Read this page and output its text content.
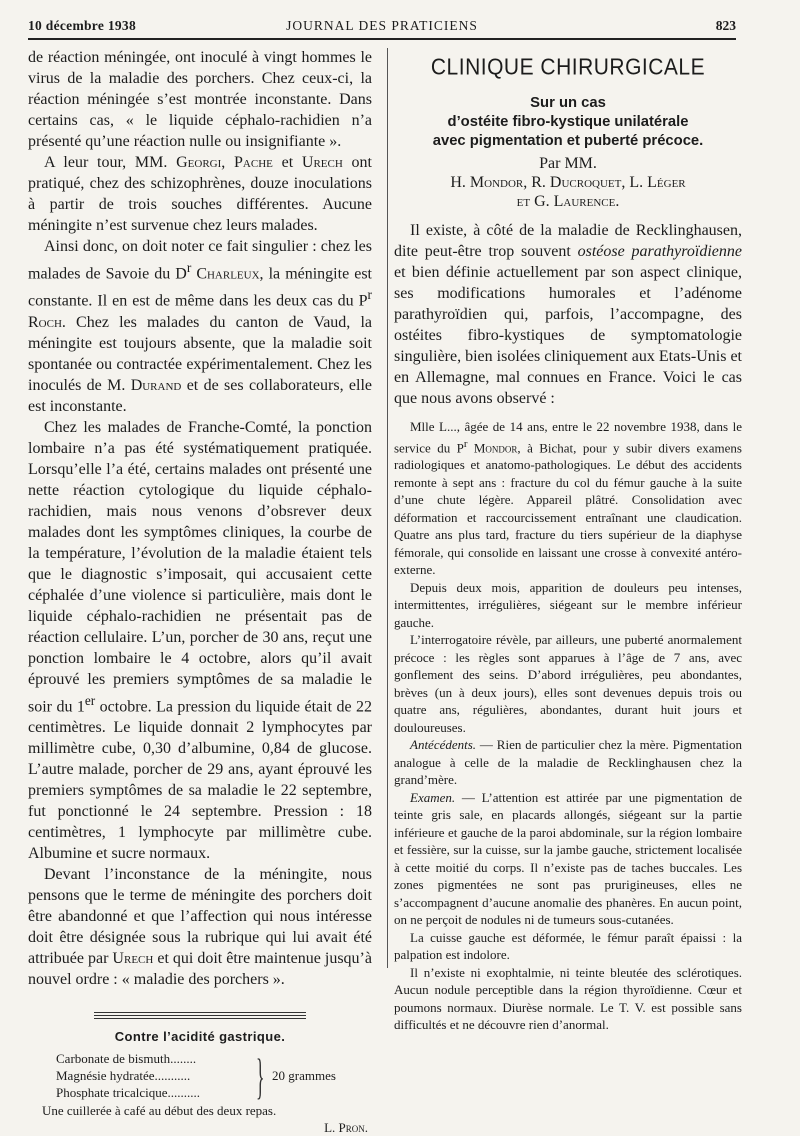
10 décembre 1938	JOURNAL DES PRATICIENS	823

de réaction méningée, ont inoculé à vingt hommes le virus de la maladie des porchers. Chez ceux-ci, la réaction méningée s’est montrée inconstante. Dans certains cas, « le liquide céphalo-rachidien n’a présenté qu’une réaction nulle ou insignifiante ».

A leur tour, MM. Georgi, Pache et Urech ont pratiqué, chez des schizophrènes, douze inoculations à partir de trois souches différentes. Aucune méningite n’est survenue chez leurs malades.

Ainsi donc, on doit noter ce fait singulier : chez les malades de Savoie du $D^r$ Charleux, la méningite est constante. Il en est de même dans les deux cas du $P^r$ Roch. Chez les malades du canton de Vaud, la méningite est toujours absente, que la maladie soit spontanée ou contractée expérimentalement. Chez les inoculés de M. Durand et de ses collaborateurs, elle est inconstante.

Chez les malades de Franche-Comté, la ponction lombaire n’a pas été systématiquement pratiquée. Lorsqu’elle l’a été, certains malades ont présenté une nette réaction cytologique du liquide céphalo-rachidien, mais nous venons d’obsrever deux malades dont les symptômes cliniques, la courbe de la température, l’évolution de la maladie étaient tels que le diagnostic s’imposait, qui accusaient cette céphalée d’une violence si particulière, mais dont le liquide céphalo-rachidien ne présentait pas de réaction cellulaire. L’un, porcher de 30 ans, reçut une ponction lombaire le 4 octobre, alors qu’il avait éprouvé les premiers symptômes de sa maladie le soir du 1er octobre. La pression du liquide était de 22 centimètres. Le liquide donnait 2 lymphocytes par millimètre cube, 0,30 d’albumine, 0,84 de glucose. L’autre malade, porcher de 29 ans, ayant éprouvé les premiers symptômes de sa maladie le 22 septembre, fut ponctionné le 24 septembre. Pression : 18 centimètres, 1 lymphocyte par millimètre cube. Albumine et sucre normaux.

Devant l’inconstance de la méningite, nous pensons que le terme de méningite des porchers doit être abandonné et que l’affection qui nous intéresse doit être désignée sous la rubrique qui lui avait été attribuée par Urech et qui doit être maintenue jusqu’à nouvel ordre : « maladie des porchers ».

Contre l’acidité gastrique.
Carbonate de bismuth........
Magnésie hydratée...........
Phosphate tricalcique.......... } 20 grammes
Une cuillerée à café au début des deux repas.
L. Pron.
CLINIQUE CHIRURGICALE
Sur un cas
d’ostéite fibro-kystique unilatérale
avec pigmentation et puberté précoce.
Par MM.
H. Mondor, R. Ducroquet, L. Léger
et G. Laurence.

Il existe, à côté de la maladie de Recklinghausen, dite peut-être trop souvent ostéose parathyroïdienne et bien définie actuellement par son aspect clinique, ses modifications humorales et l’adénome parathyroïdien qui, parfois, l’accompagne, des ostéites fibro-kystiques de symptomatologie singulière, bien isolées cliniquement aux Etats-Unis et en Allemagne, mal connues en France. Voici le cas que nous avons observé :

Mlle L..., âgée de 14 ans, entre le 22 novembre 1938, dans le service du $P^r$ Mondor, à Bichat, pour y subir divers examens radiologiques et anatomo-pathologiques. Le début des accidents remonte à sept ans : fracture du col du fémur gauche à la suite d’une chute légère. Appareil plâtré. Consolidation avec déformation et raccourcissement entraînant une claudication. Quatre ans plus tard, fracture du tiers supérieur de la diaphyse fémorale, qui consolide en laissant une crosse à convexité antéro-externe.

Depuis deux mois, apparition de douleurs peu intenses, intermittentes, irrégulières, siégeant sur le membre inférieur gauche.

L’interrogatoire révèle, par ailleurs, une puberté anormalement précoce : les règles sont apparues à l’âge de 7 ans, avec gonflement des seins. D’abord irrégulières, peu abondantes, brèves (un à deux jours), elles sont devenues depuis trois ou quatre ans, régulières, abondantes, durant huit jours et douloureuses.

Antécédents. — Rien de particulier chez la mère. Pigmentation analogue à celle de la maladie de Recklinghausen chez la grand’mère.

Examen. — L’attention est attirée par une pigmentation de teinte gris sale, en placards allongés, siégeant sur la partie inférieure et gauche de la paroi abdominale, sur la région lombaire et fessière, sur la cuisse, sur la jambe gauche, strictement localisée à cette moitié du corps. Il n’existe pas de taches buccales. Les zones pigmentées ne sont pas prurigineuses, elles ne s’accompagnent d’aucune anomalie des phanères. En aucun point, on ne perçoit de nodules ni de tumeurs sous-cutanées.

La cuisse gauche est déformée, le fémur paraît épaissi : la palpation est indolore.

Il n’existe ni exophtalmie, ni teinte bleutée des sclérotiques. Aucun nodule perceptible dans la région thyroïdienne. Cœur et poumons normaux. Diurèse normale. Le T. V. est possible sans difficultés et ne découvre rien d’anormal.
